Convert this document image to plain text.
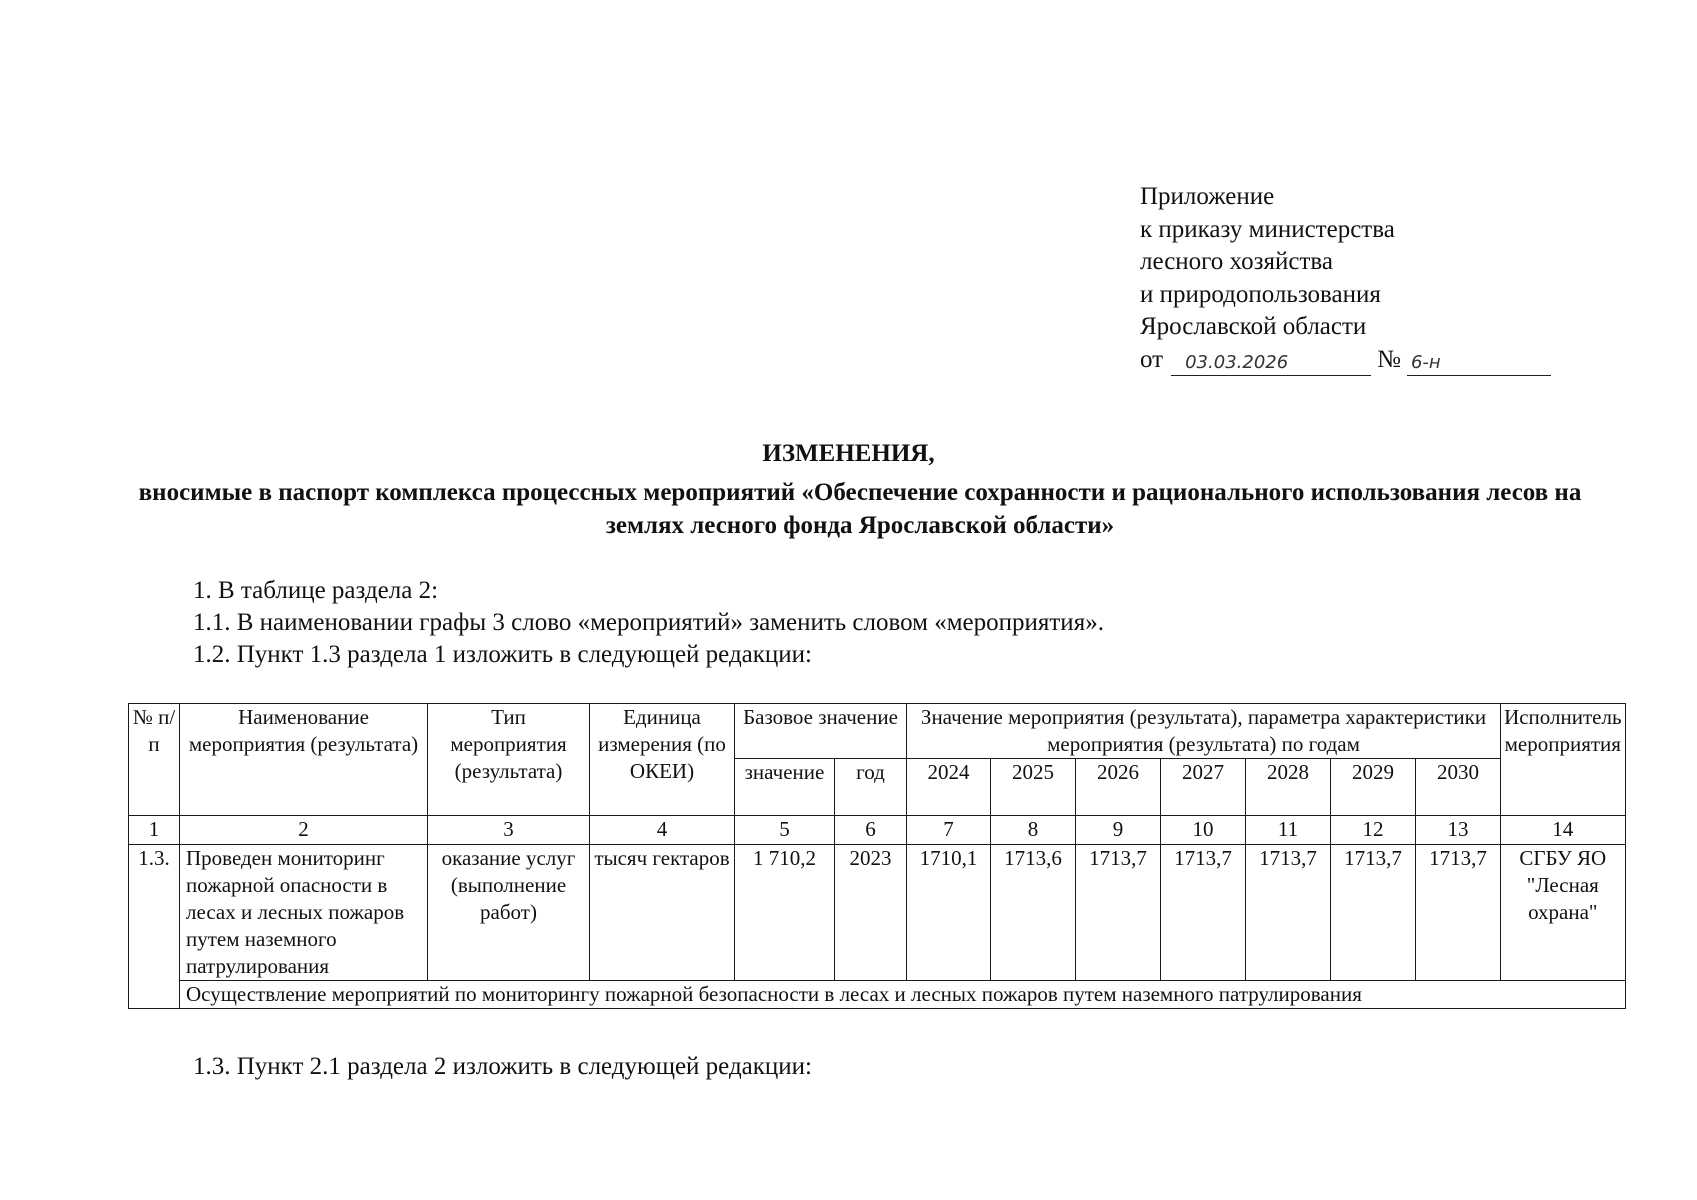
Приложение
к приказу министерства
лесного хозяйства
и природопользования
Ярославской области
от	03.03.2026	№ 6-н
ИЗМЕНЕНИЯ,
вносимые в паспорт комплекса процессных мероприятий «Обеспечение сохранности и рационального использования лесов на землях лесного фонда Ярославской области»
1. В таблице раздела 2:
1.1. В наименовании графы 3 слово «мероприятий» заменить словом «мероприятия».
1.2. Пункт 1.3 раздела 1 изложить в следующей редакции:
№ п/п	Наименование мероприятия (результата)	Тип мероприятия (результата)	Единица измерения (по ОКЕИ)	Базовое значение		Значение мероприятия (результата), параметра характеристики мероприятия (результата) по годам							Исполнитель мероприятия
				значение	год	2024	2025	2026	2027	2028	2029	2030	
1	2	3	4	5	6	7	8	9	10	11	12	13	14
1.3.	Проведен мониторинг пожарной опасности в лесах и лесных пожаров путем наземного патрулирования	оказание услуг (выполнение работ)	тысяч гектаров	1 710,2	2023	1710,1	1713,6	1713,7	1713,7	1713,7	1713,7	1713,7	СГБУ ЯО "Лесная охрана"
	Осуществление мероприятий по мониторингу пожарной безопасности в лесах и лесных пожаров путем наземного патрулирования												
1.3. Пункт 2.1 раздела 2 изложить в следующей редакции:
